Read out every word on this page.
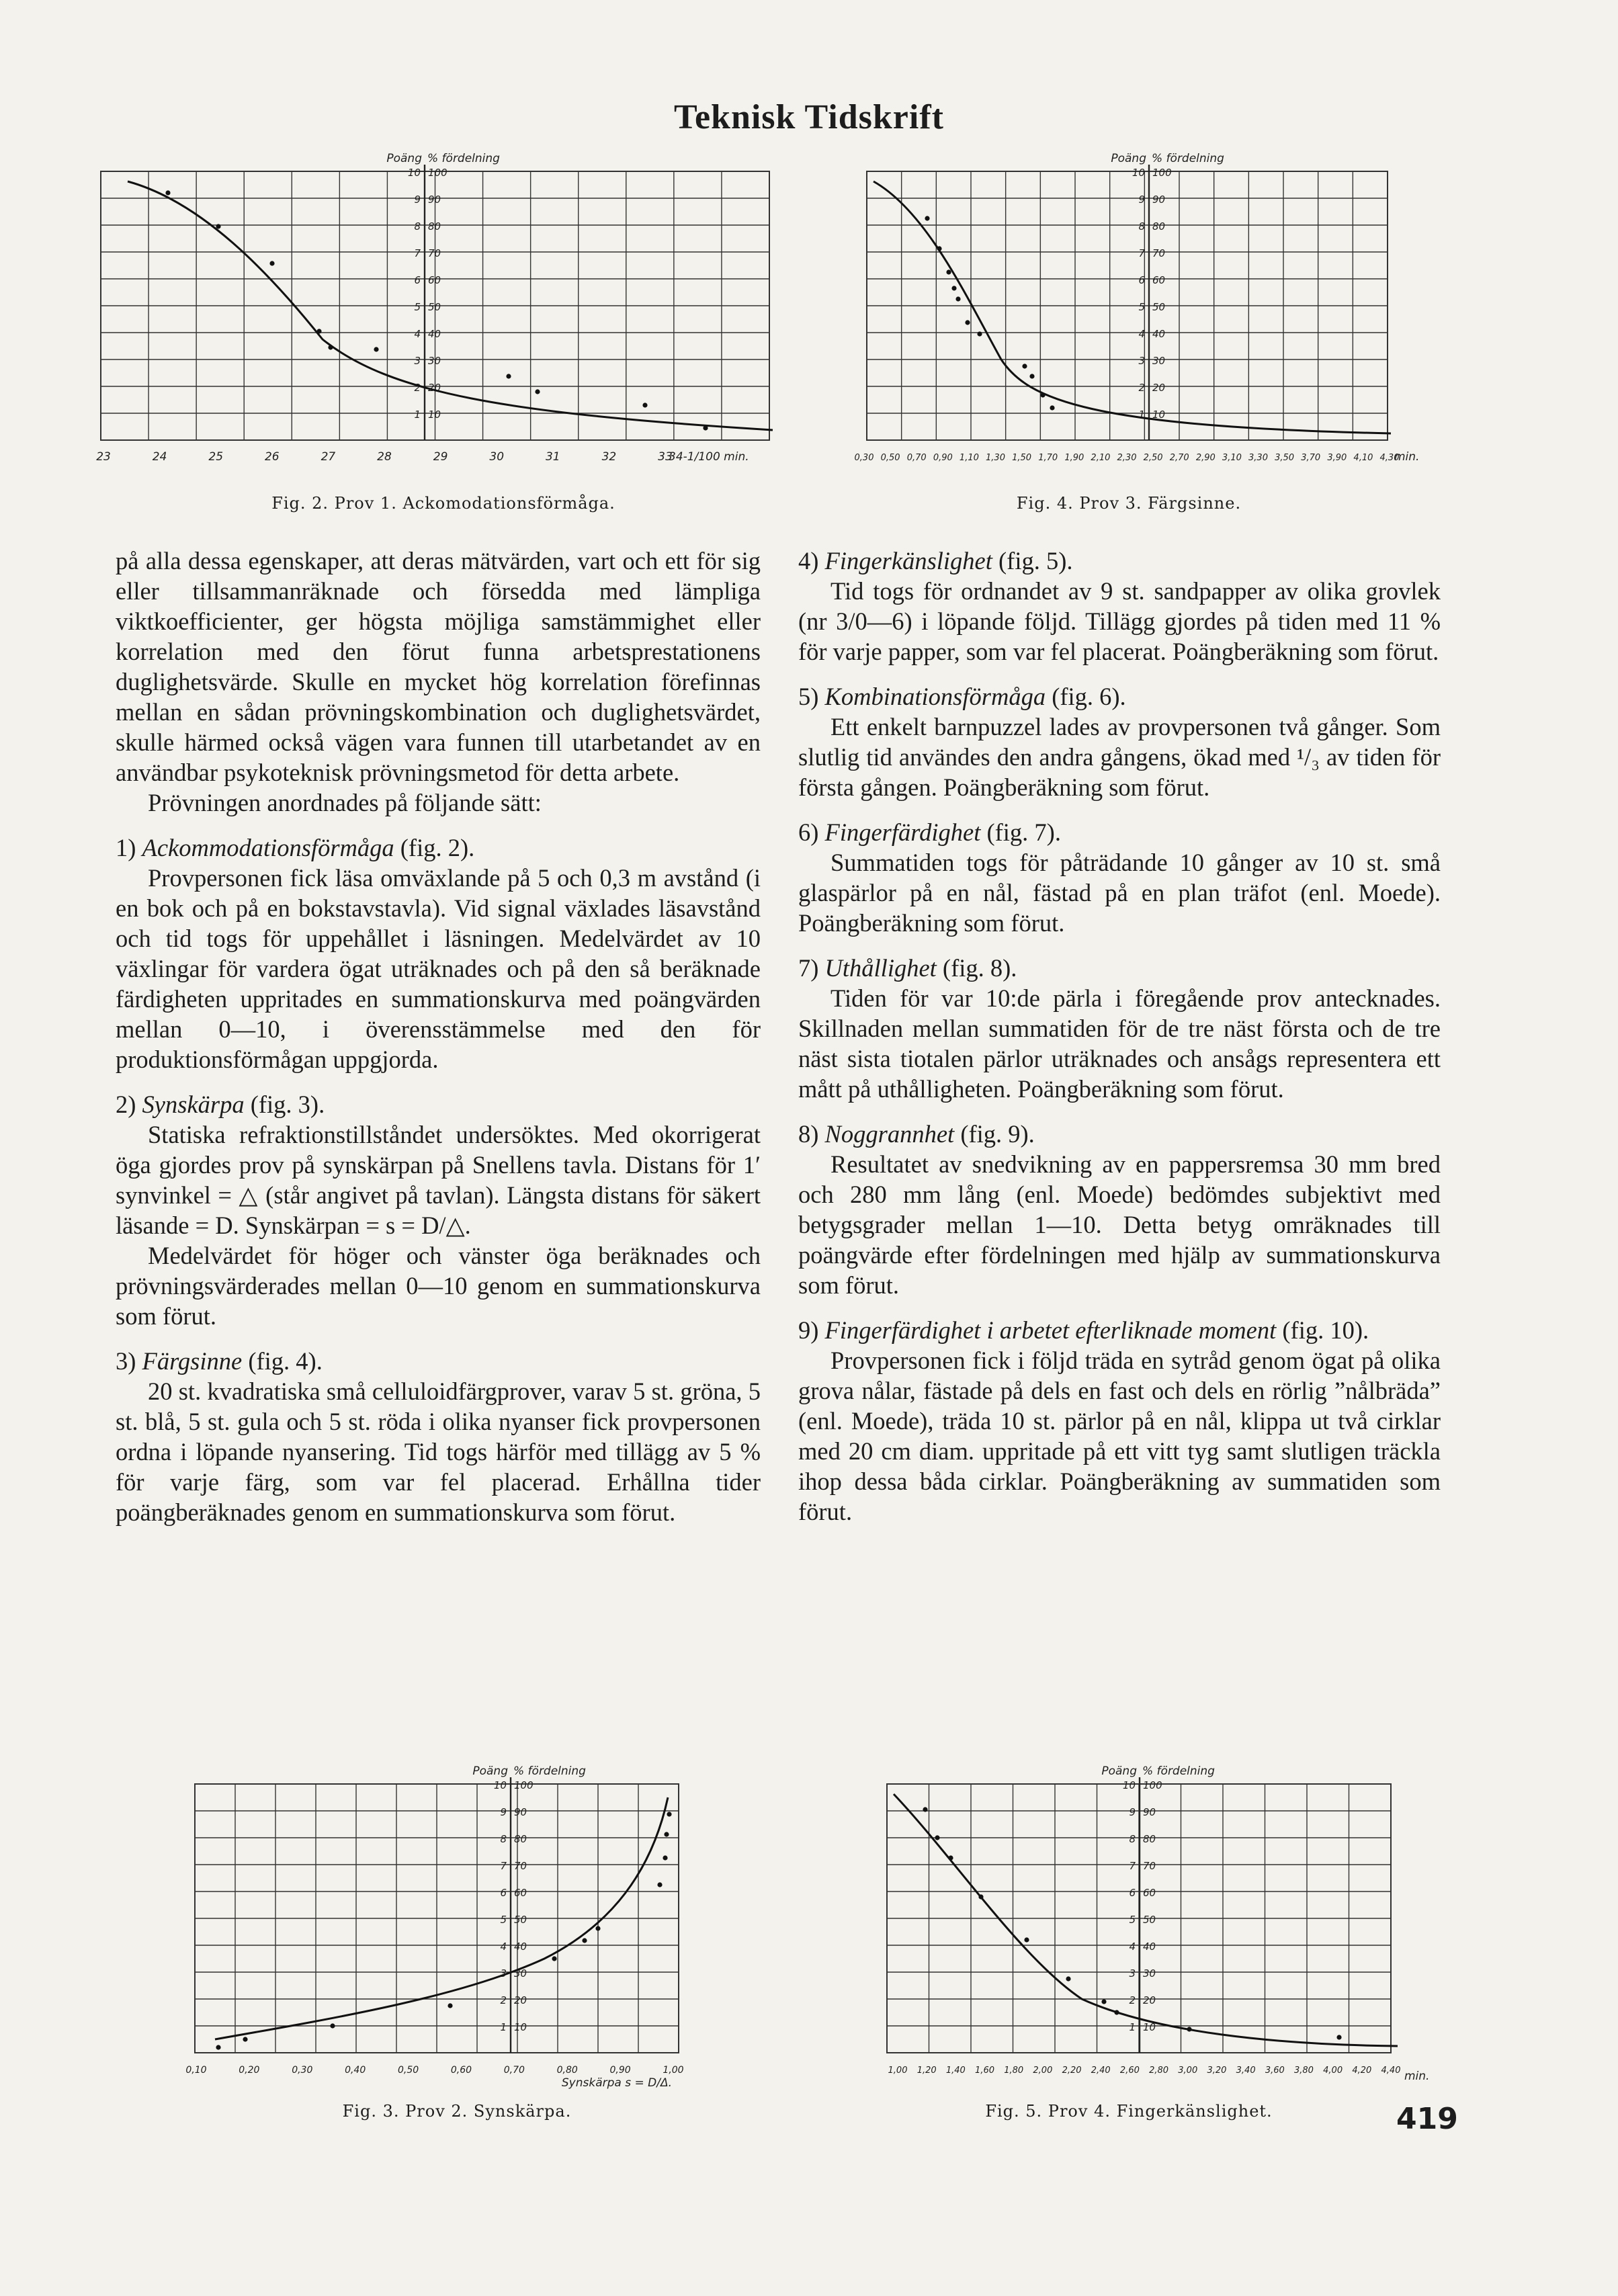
Teknisk Tidskrift
Poäng % fördelning
10
9
8
7
6
5
4
3
2
1
100
90
80
70
60
50
40
30
20
10
23	24	25	26	27	28	29	30	31	32	33
34-1/100 min.
Fig. 2. Prov 1. Ackomodationsförmåga.
Poäng % fördelning
10
9
8
7
6
5
4
3
2
1
100
90
80
70
60
50
40
30
20
10
0,30 0,50 0,70 0,90 1,10 1,30 1,50 1,70 1,90 2,10 2,30 2,50 2,70 2,90 3,10 3,30 3,50 3,70 3,90 4,10 4,30
min.
Fig. 4. Prov 3. Färgsinne.

på alla dessa egenskaper, att deras mätvärden, vart och ett för sig eller tillsammanräknade och försedda med lämpliga viktkoefficienter, ger högsta möjliga samstämmighet eller korrelation med den förut funna arbetsprestationens duglighetsvärde. Skulle en mycket hög korrelation förefinnas mellan en sådan prövningskombination och duglighetsvärdet, skulle härmed också vägen vara funnen till utarbetandet av en användbar psykoteknisk prövningsmetod för detta arbete.

Prövningen anordnades på följande sätt:

1) Ackommodationsförmåga (fig. 2).

Provpersonen fick läsa omväxlande på 5 och 0,3 m avstånd (i en bok och på en bokstavstavla). Vid signal växlades läsavstånd och tid togs för uppehållet i läsningen. Medelvärdet av 10 växlingar för vardera ögat uträknades och på den så beräknade färdigheten uppritades en summationskurva med poängvärden mellan 0—10, i överensstämmelse med den för produktionsförmågan uppgjorda.

2) Synskärpa (fig. 3).

Statiska refraktionstillståndet undersöktes. Med okorrigerat öga gjordes prov på synskärpan på Snellens tavla. Distans för 1′ synvinkel = △ (står angivet på tavlan). Längsta distans för säkert läsande = D. Synskärpan = s = D/△.

Medelvärdet för höger och vänster öga beräknades och prövningsvärderades mellan 0—10 genom en summationskurva som förut.

3) Färgsinne (fig. 4).

20 st. kvadratiska små celluloidfärgprover, varav 5 st. gröna, 5 st. blå, 5 st. gula och 5 st. röda i olika nyanser fick provpersonen ordna i löpande nyansering. Tid togs härför med tillägg av 5 % för varje färg, som var fel placerad. Erhållna tider poängberäknades genom en summationskurva som förut.

4) Fingerkänslighet (fig. 5).

Tid togs för ordnandet av 9 st. sandpapper av olika grovlek (nr 3/0—6) i löpande följd. Tillägg gjordes på tiden med 11 % för varje papper, som var fel placerat. Poängberäkning som förut.

5) Kombinationsförmåga (fig. 6).

Ett enkelt barnpuzzel lades av provpersonen två gånger. Som slutlig tid användes den andra gångens, ökad med ¹/₃ av tiden för första gången. Poängberäkning som förut.

6) Fingerfärdighet (fig. 7).

Summatiden togs för påträdande 10 gånger av 10 st. små glaspärlor på en nål, fästad på en plan träfot (enl. Moede). Poängberäkning som förut.

7) Uthållighet (fig. 8).

Tiden för var 10:de pärla i föregående prov antecknades. Skillnaden mellan summatiden för de tre näst första och de tre näst sista tiotalen pärlor uträknades och ansågs representera ett mått på uthålligheten. Poängberäkning som förut.

8) Noggrannhet (fig. 9).

Resultatet av snedvikning av en pappersremsa 30 mm bred och 280 mm lång (enl. Moede) bedömdes subjektivt med betygsgrader mellan 1—10. Detta betyg omräknades till poängvärde efter fördelningen med hjälp av summationskurva som förut.

9) Fingerfärdighet i arbetet efterliknade moment (fig. 10).

Provpersonen fick i följd träda en sytråd genom ögat på olika grova nålar, fästade på dels en fast och dels en rörlig ”nålbräda” (enl. Moede), träda 10 st. pärlor på en nål, klippa ut två cirklar med 20 cm diam. uppritade på ett vitt tyg samt slutligen träckla ihop dessa båda cirklar. Poängberäkning av summatiden som förut.

Poäng % fördelning
10
9
8
7
6
5
4
3
2
1
100
90
80
70
60
50
40
30
20
10
0,10	0,20	0,30	0,40	0,50	0,60	0,70	0,80	0,90	1,00
Synskärpa s = D/Δ.
Fig. 3. Prov 2. Synskärpa.
Poäng % fördelning
10
9
8
7
6
5
4
3
2
1
100
90
80
70
60
50
40
30
20
10
1,00 1,20 1,40 1,60 1,80 2,00 2,20 2,40 2,60 2,80 3,00 3,20 3,40 3,60 3,80 4,00 4,20 4,40 min.
Fig. 5. Prov 4. Fingerkänslighet.	419
